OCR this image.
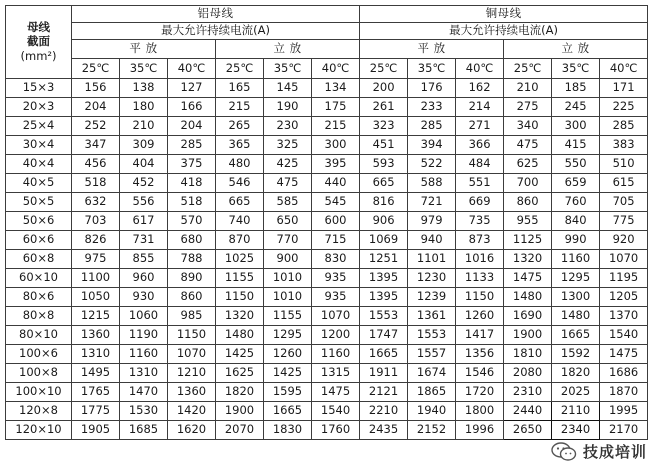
母线
截面
(mm²)	铝母线						铜母线					
	最大允许持续电流(A)						最大允许持续电流(A)					
	平 放			立 放			平 放			立 放		
	25℃	35℃	40℃	25℃	35℃	40℃	25℃	35℃	40℃	25℃	35℃	40℃
15×3	156	138	127	165	145	134	200	176	162	210	185	171
20×3	204	180	166	215	190	175	261	233	214	275	245	225
25×4	252	210	204	265	230	215	323	285	271	340	300	285
30×4	347	309	285	365	325	300	451	394	366	475	415	383
40×4	456	404	375	480	425	395	593	522	484	625	550	510
40×5	518	452	418	546	475	440	665	588	551	700	659	615
50×5	632	556	518	665	585	545	816	721	669	860	760	705
50×6	703	617	570	740	650	600	906	979	735	955	840	775
60×6	826	731	680	870	770	715	1069	940	873	1125	990	920
60×8	975	855	788	1025	900	830	1251	1101	1016	1320	1160	1070
60×10	1100	960	890	1155	1010	935	1395	1230	1133	1475	1295	1195
80×6	1050	930	860	1150	1010	935	1395	1239	1150	1480	1300	1205
80×8	1215	1060	985	1320	1155	1070	1553	1361	1260	1690	1480	1370
80×10	1360	1190	1150	1480	1295	1200	1747	1553	1417	1900	1665	1540
100×6	1310	1160	1070	1425	1260	1160	1665	1557	1356	1810	1592	1475
100×8	1495	1310	1210	1625	1425	1315	1911	1674	1546	2080	1820	1686
100×10	1765	1470	1360	1820	1595	1475	2121	1865	1720	2310	2025	1870
120×8	1775	1530	1420	1900	1665	1540	2210	1940	1800	2440	2110	1995
120×10	1905	1685	1620	2070	1830	1760	2435	2152	1996	2650	2340	2170
技成培训
